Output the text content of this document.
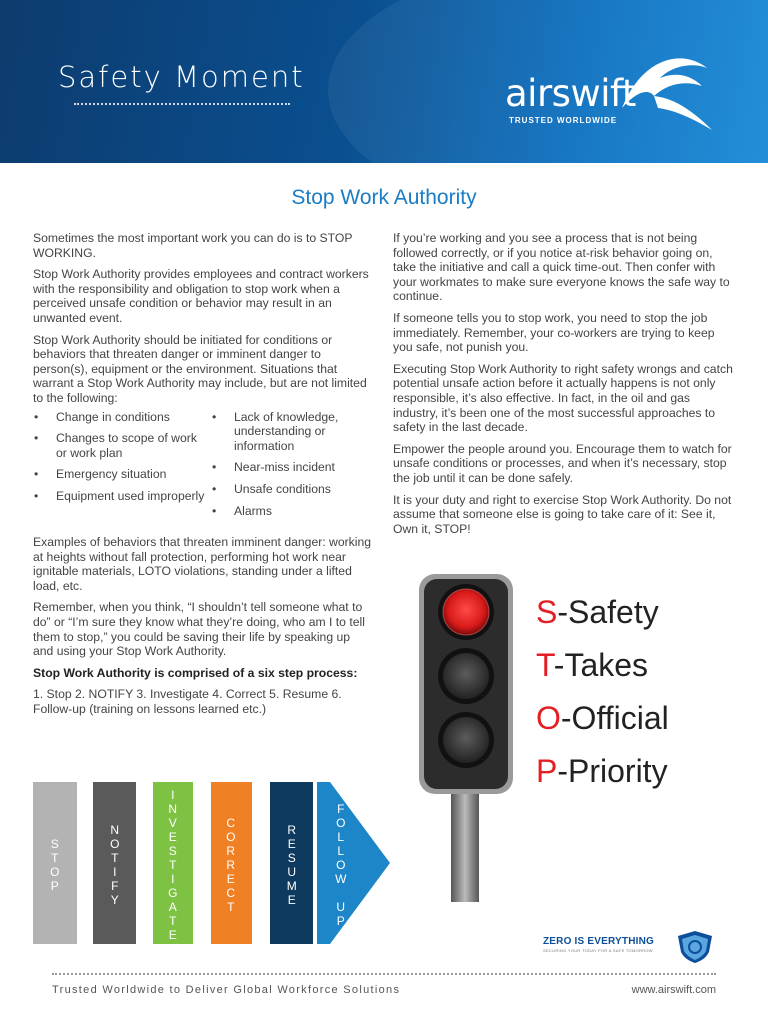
Safety Moment	airswift
TRUSTED WORLDWIDE
Stop Work Authority

Sometimes the most important work you can do is to STOP WORKING.

Stop Work Authority provides employees and contract workers with the responsibility and obligation to stop work when a perceived unsafe condition or behavior may result in an unwanted event.

Stop Work Authority should be initiated for conditions or behaviors that threaten danger or imminent danger to person(s), equipment or the environment. Situations that warrant a Stop Work Authority may include, but are not limited to the following:

• Change in conditions
• Changes to scope of work or work plan
• Emergency situation
• Equipment used improperly
• Lack of knowledge, understanding or information
• Near-miss incident
• Unsafe conditions
• Alarms

Examples of behaviors that threaten imminent danger: working at heights without fall protection, performing hot work near ignitable materials, LOTO violations, standing under a lifted load, etc.

Remember, when you think, “I shouldn’t tell someone what to do” or “I’m sure they know what they’re doing, who am I to tell them to stop,” you could be saving their life by speaking up and using your Stop Work Authority.

Stop Work Authority is comprised of a six step process:

1. Stop 2. NOTIFY 3. Investigate 4. Correct 5. Resume 6. Follow-up (training on lessons learned etc.)

If you’re working and you see a process that is not being followed correctly, or if you notice at-risk behavior going on, take the initiative and call a quick time-out. Then confer with your workmates to make sure everyone knows the safe way to continue.

If someone tells you to stop work, you need to stop the job immediately. Remember, your co-workers are trying to keep you safe, not punish you.

Executing Stop Work Authority to right safety wrongs and catch potential unsafe action before it actually happens is not only responsible, it’s also effective. In fact, in the oil and gas industry, it’s been one of the most successful approaches to safety in the last decade.

Empower the people around you. Encourage them to watch for unsafe conditions or processes, and when it’s necessary, stop the job until it can be done safely.

It is your duty and right to exercise Stop Work Authority. Do not assume that someone else is going to take care of it: See it, Own it, STOP!

S
T
O
P
N
O
T
I
F
Y
I
N
V
E
S
T
I
G
A
T
E
C
O
R
R
E
C
T
R
E
S
U
M
E
F
O
L
L
O
W

U
P
S-Safety
T-Takes
O-Official
P-Priority
ZERO IS EVERYTHING
SECURING YOUR TODAY FOR A SAFE TOMORROW
Trusted Worldwide to Deliver Global Workforce Solutions	www.airswift.com
